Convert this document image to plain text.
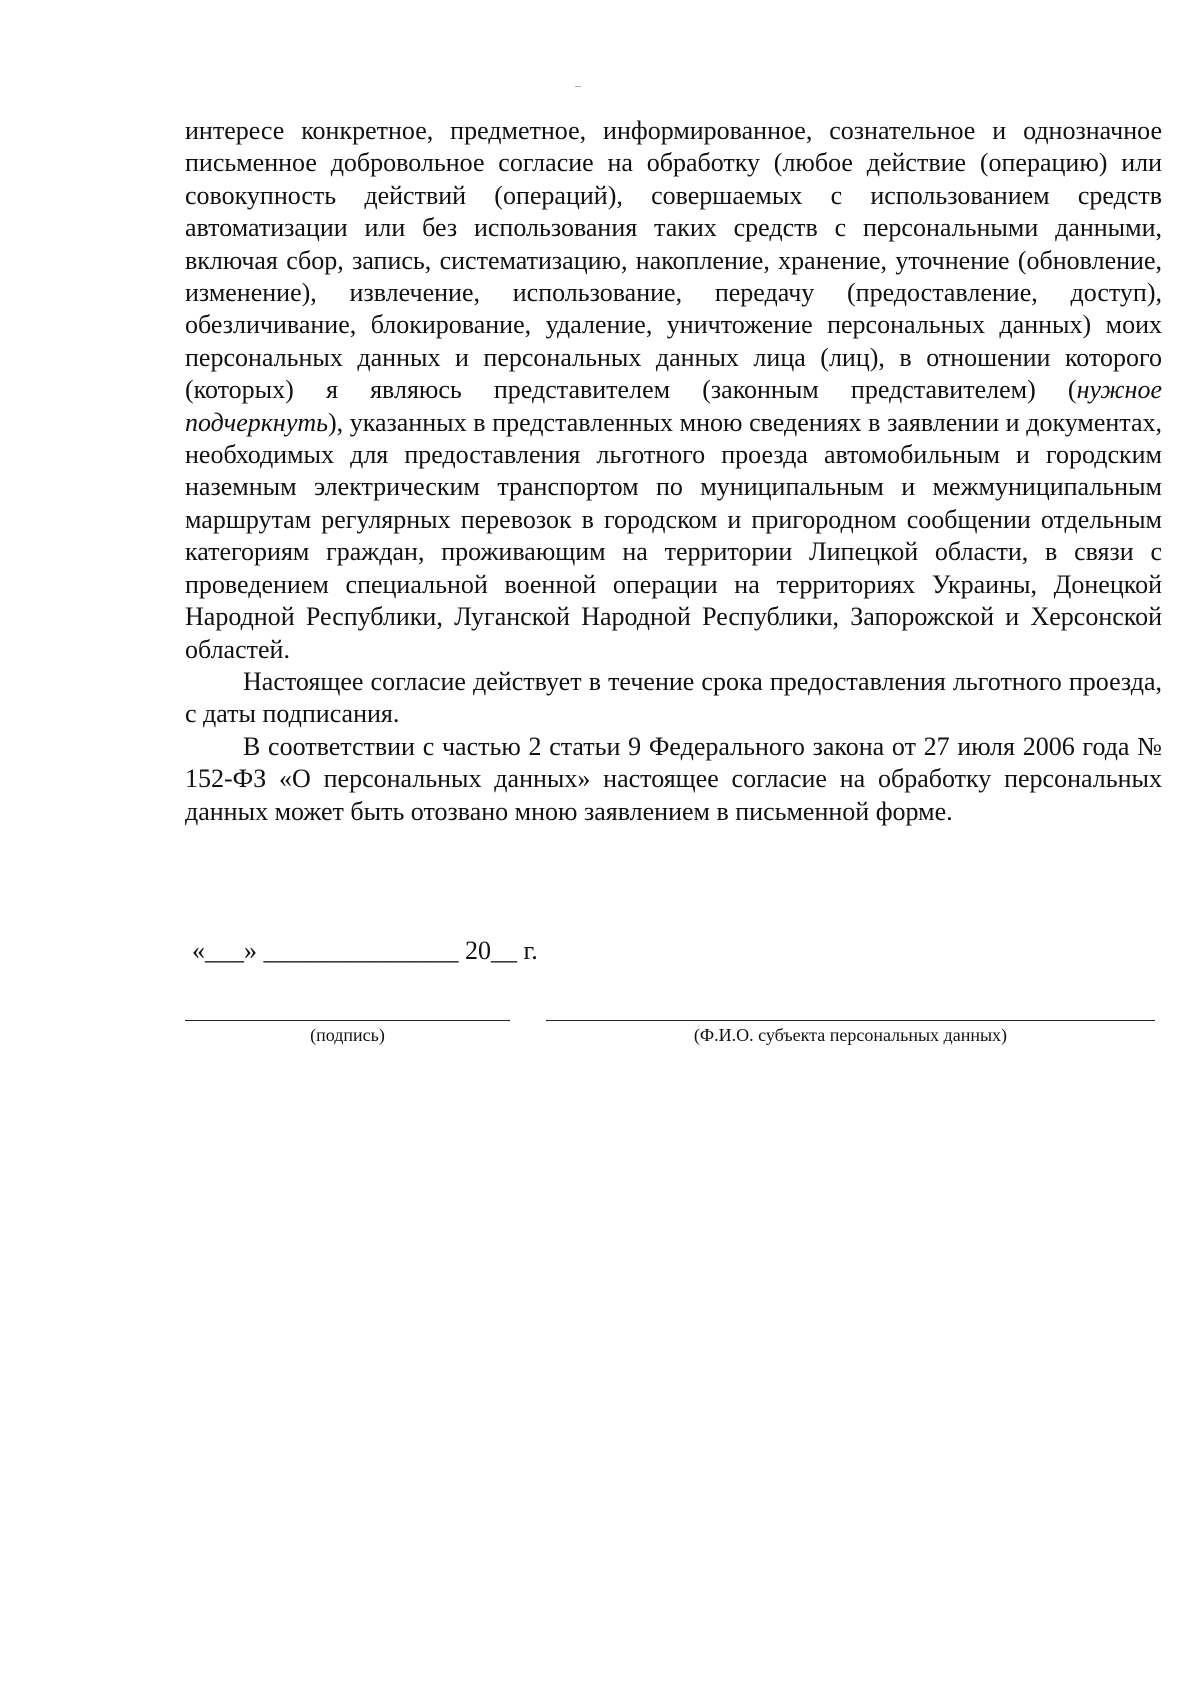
интересе конкретное, предметное, информированное, сознательное и однозначное письменное добровольное согласие на обработку (любое действие (операцию) или совокупность действий (операций), совершаемых с использованием средств автоматизации или без использования таких средств с персональными данными, включая сбор, запись, систематизацию, накопление, хранение, уточнение (обновление, изменение), извлечение, использование, передачу (предоставление, доступ), обезличивание, блокирование, удаление, уничтожение персональных данных) моих персональных данных и персональных данных лица (лиц), в отношении которого (которых) я являюсь представителем (законным представителем) (нужное подчеркнуть), указанных в представленных мною сведениях в заявлении и документах, необходимых для предоставления льготного проезда автомобильным и городским наземным электрическим транспортом по муниципальным и межмуниципальным маршрутам регулярных перевозок в городском и пригородном сообщении отдельным категориям граждан, проживающим на территории Липецкой области, в связи с проведением специальной военной операции на территориях Украины, Донецкой Народной Республики, Луганской Народной Республики, Запорожской и Херсонской областей.

Настоящее согласие действует в течение срока предоставления льготного проезда, с даты подписания.

В соответствии с частью 2 статьи 9 Федерального закона от 27 июля 2006 года № 152-ФЗ «О персональных данных» настоящее согласие на обработку персональных данных может быть отозвано мною заявлением в письменной форме.

«___» _______________ 20__ г.
(подпись)	(Ф.И.О. субъекта персональных данных)
